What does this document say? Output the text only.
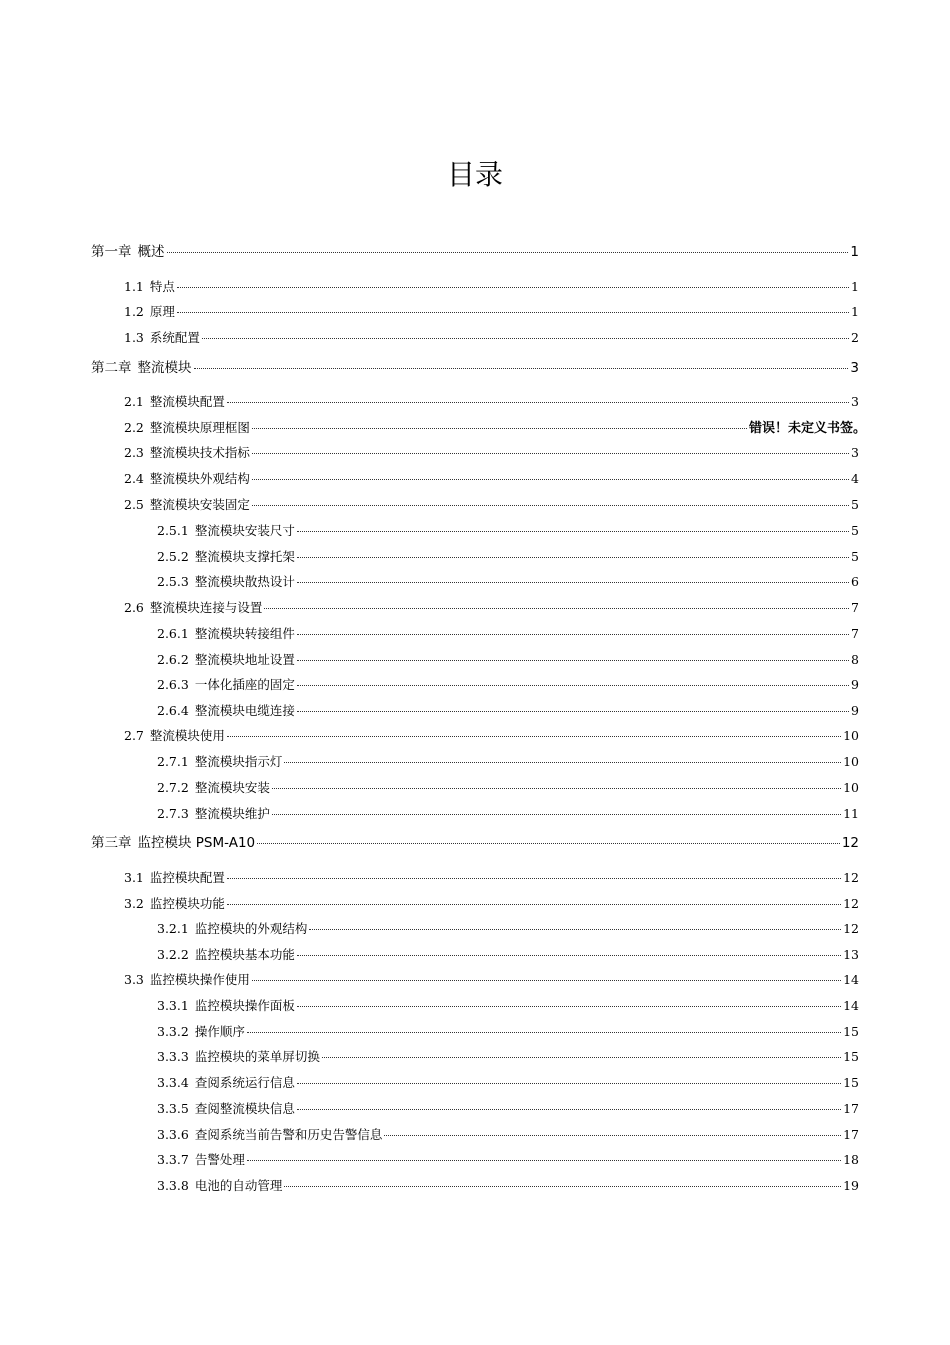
目录
第一章 概述	1
1.1 特点	1
1.2 原理	1
1.3 系统配置	2
第二章 整流模块	3
2.1 整流模块配置	3
2.2 整流模块原理框图	错误！未定义书签。
2.3 整流模块技术指标	3
2.4 整流模块外观结构	4
2.5 整流模块安装固定	5
2.5.1 整流模块安装尺寸	5
2.5.2 整流模块支撑托架	5
2.5.3 整流模块散热设计	6
2.6 整流模块连接与设置	7
2.6.1 整流模块转接组件	7
2.6.2 整流模块地址设置	8
2.6.3 一体化插座的固定	9
2.6.4 整流模块电缆连接	9
2.7 整流模块使用	10
2.7.1 整流模块指示灯	10
2.7.2 整流模块安装	10
2.7.3 整流模块维护	11
第三章 监控模块 PSM-A10	12
3.1 监控模块配置	12
3.2 监控模块功能	12
3.2.1 监控模块的外观结构	12
3.2.2 监控模块基本功能	13
3.3 监控模块操作使用	14
3.3.1 监控模块操作面板	14
3.3.2 操作顺序	15
3.3.3 监控模块的菜单屏切换	15
3.3.4 查阅系统运行信息	15
3.3.5 查阅整流模块信息	17
3.3.6 查阅系统当前告警和历史告警信息	17
3.3.7 告警处理	18
3.3.8 电池的自动管理	19
